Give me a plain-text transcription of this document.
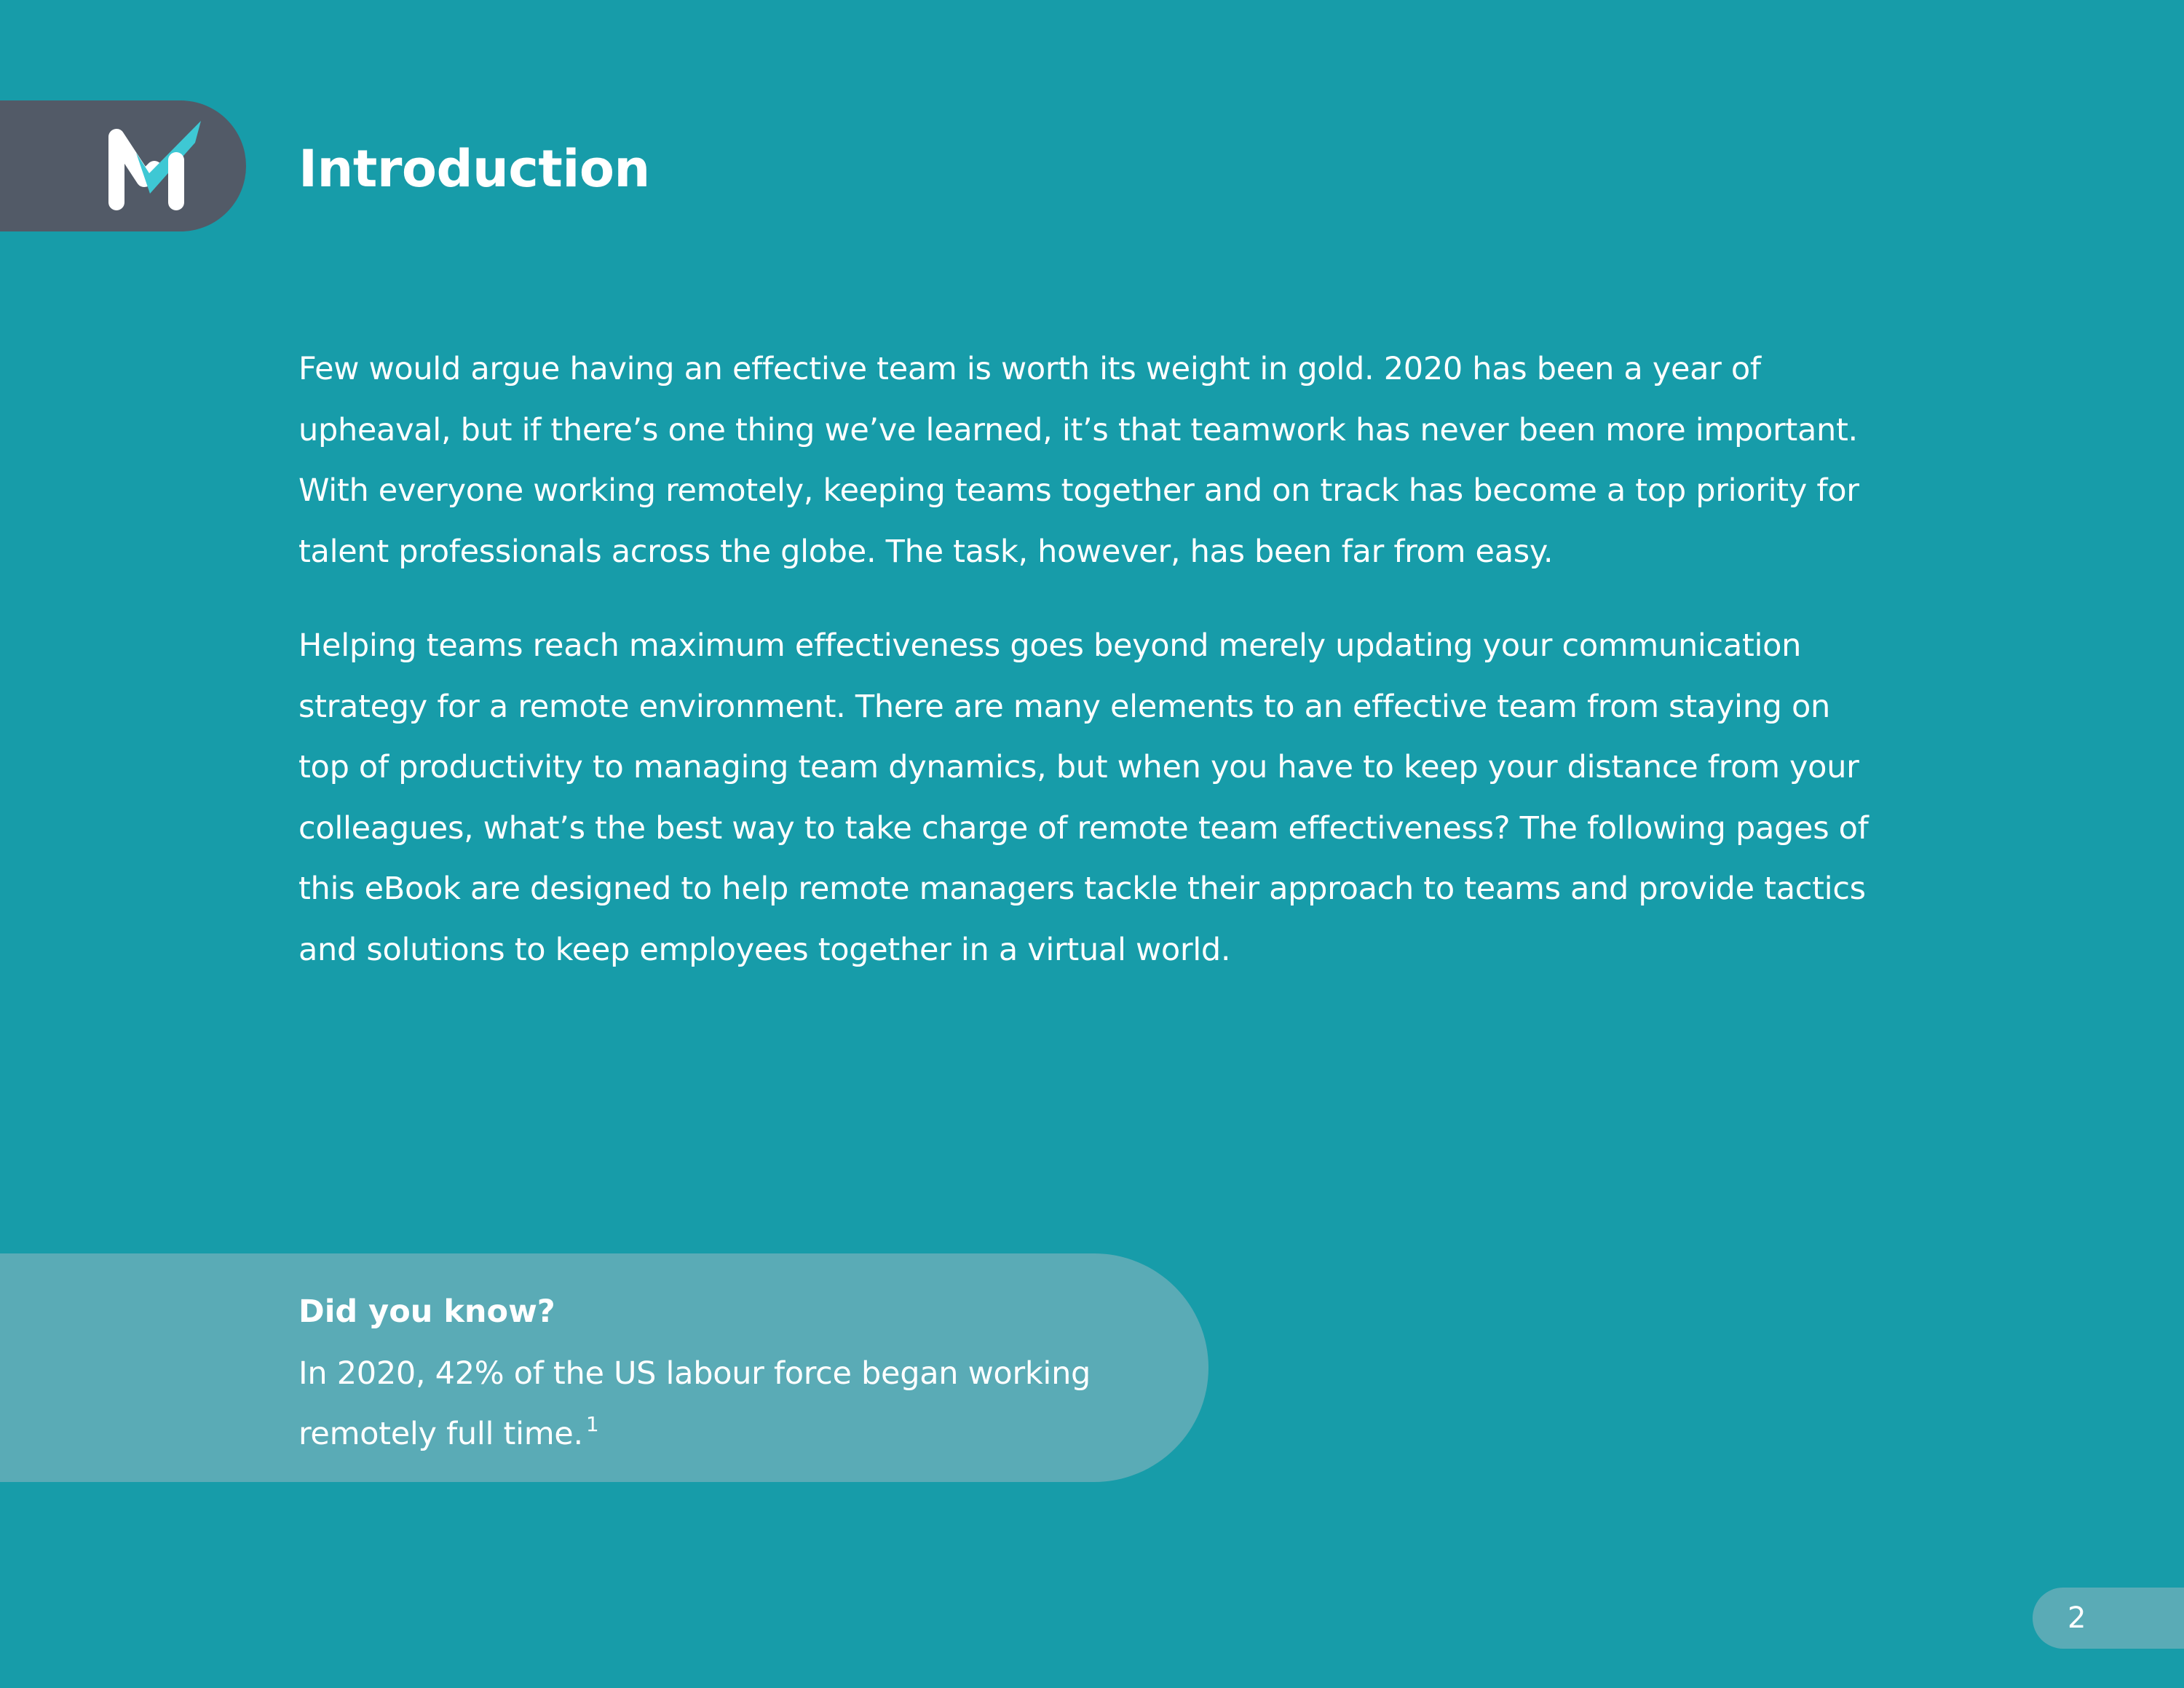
Introduction

Few would argue having an effective team is worth its weight in gold. 2020 has been a year of
upheaval, but if there’s one thing we’ve learned, it’s that teamwork has never been more important.
With everyone working remotely, keeping teams together and on track has become a top priority for
talent professionals across the globe. The task, however, has been far from easy.

Helping teams reach maximum effectiveness goes beyond merely updating your communication
strategy for a remote environment. There are many elements to an effective team from staying on
top of productivity to managing team dynamics, but when you have to keep your distance from your
colleagues, what’s the best way to take charge of remote team effectiveness? The following pages of
this eBook are designed to help remote managers tackle their approach to teams and provide tactics
and solutions to keep employees together in a virtual world.

Did you know?
In 2020, 42% of the US labour force began working
remotely full time. $^1$
2
